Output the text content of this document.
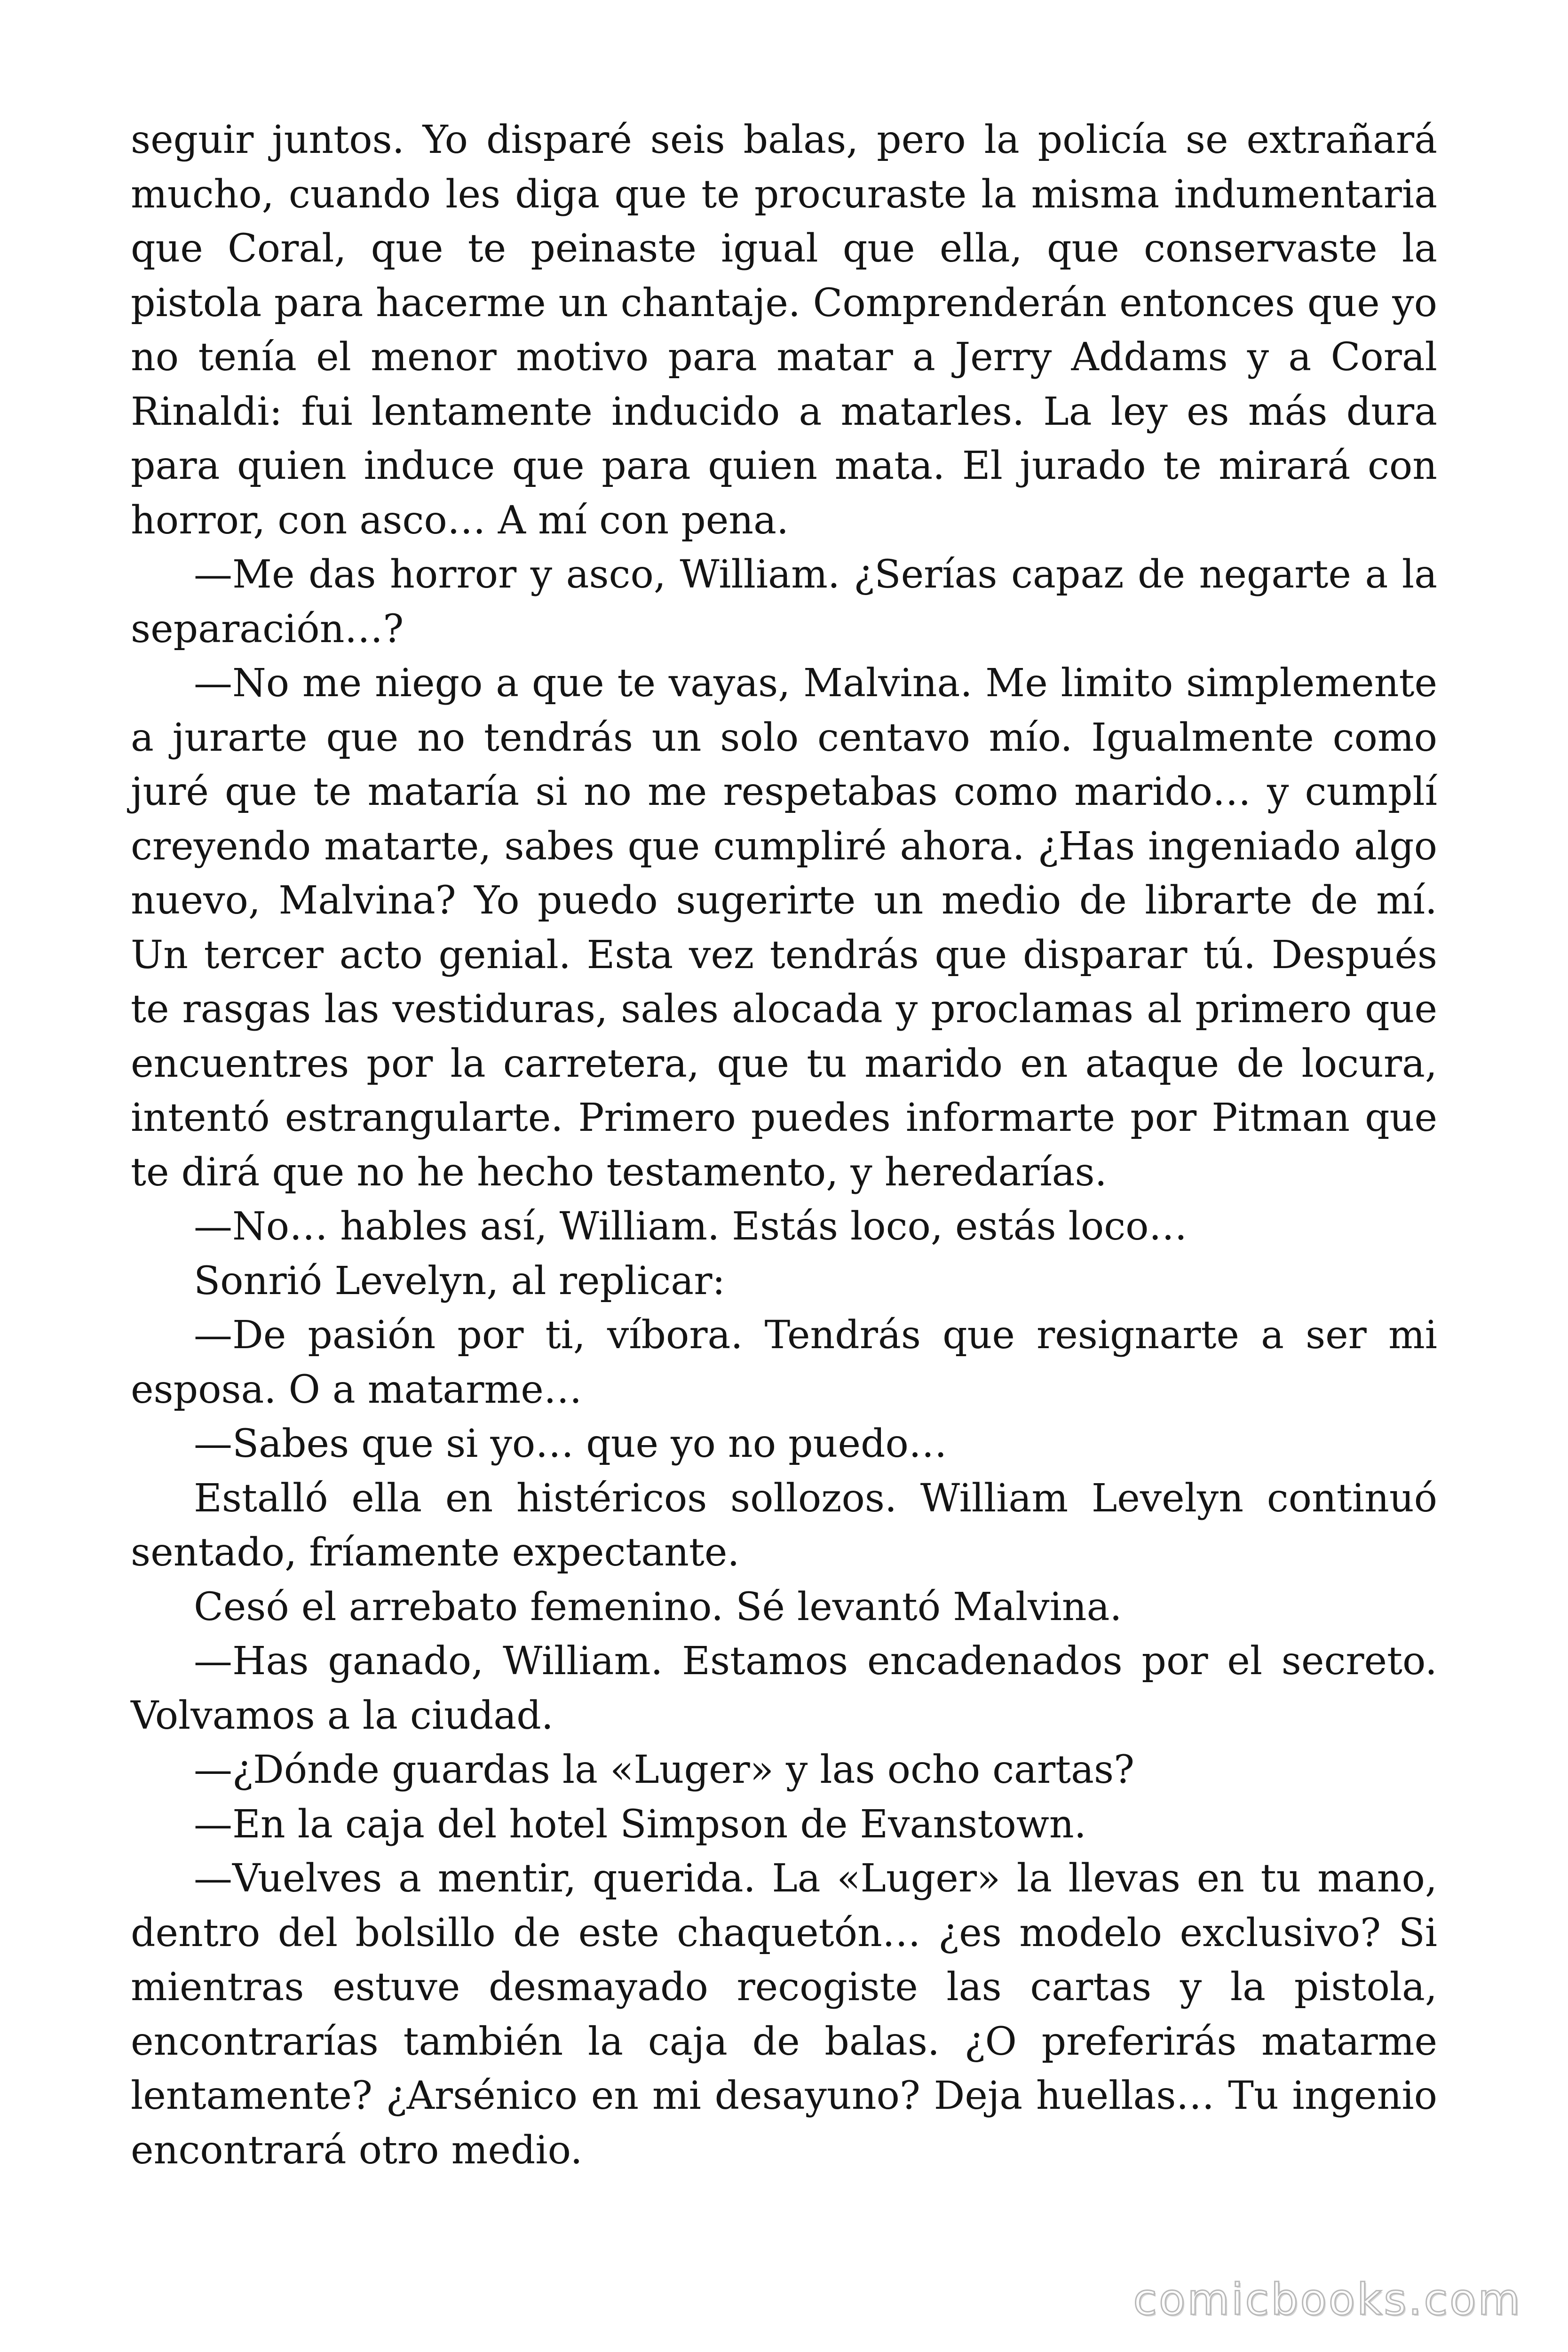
seguir juntos. Yo disparé seis balas, pero la policía se extrañará mucho, cuando les diga que te procuraste la misma indumentaria que Coral, que te peinaste igual que ella, que conservaste la pistola para hacerme un chantaje. Comprenderán entonces que yo no tenía el menor motivo para matar a Jerry Addams y a Coral Rinaldi: fui lentamente inducido a matarles. La ley es más dura para quien induce que para quien mata. El jurado te mirará con horror, con asco… A mí con pena.

—Me das horror y asco, William. ¿Serías capaz de negarte a la separación…?

—No me niego a que te vayas, Malvina. Me limito simplemente a jurarte que no tendrás un solo centavo mío. Igualmente como juré que te mataría si no me respetabas como marido… y cumplí creyendo matarte, sabes que cumpliré ahora. ¿Has ingeniado algo nuevo, Malvina? Yo puedo sugerirte un medio de librarte de mí. Un tercer acto genial. Esta vez tendrás que disparar tú. Después te rasgas las vestiduras, sales alocada y proclamas al primero que encuentres por la carretera, que tu marido en ataque de locura, intentó estrangularte. Primero puedes informarte por Pitman que te dirá que no he hecho testamento, y heredarías.

—No… hables así, William. Estás loco, estás loco…

Sonrió Levelyn, al replicar:

—De pasión por ti, víbora. Tendrás que resignarte a ser mi esposa. O a matarme…

—Sabes que si yo… que yo no puedo…

Estalló ella en histéricos sollozos. William Levelyn continuó sentado, fríamente expectante.

Cesó el arrebato femenino. Sé levantó Malvina.

—Has ganado, William. Estamos encadenados por el secreto. Volvamos a la ciudad.

—¿Dónde guardas la «Luger» y las ocho cartas?

—En la caja del hotel Simpson de Evanstown.

—Vuelves a mentir, querida. La «Luger» la llevas en tu mano, dentro del bolsillo de este chaquetón… ¿es modelo exclusivo? Si mientras estuve desmayado recogiste las cartas y la pistola, encontrarías también la caja de balas. ¿O preferirás matarme lentamente? ¿Arsénico en mi desayuno? Deja huellas… Tu ingenio encontrará otro medio.

comicbooks.com
